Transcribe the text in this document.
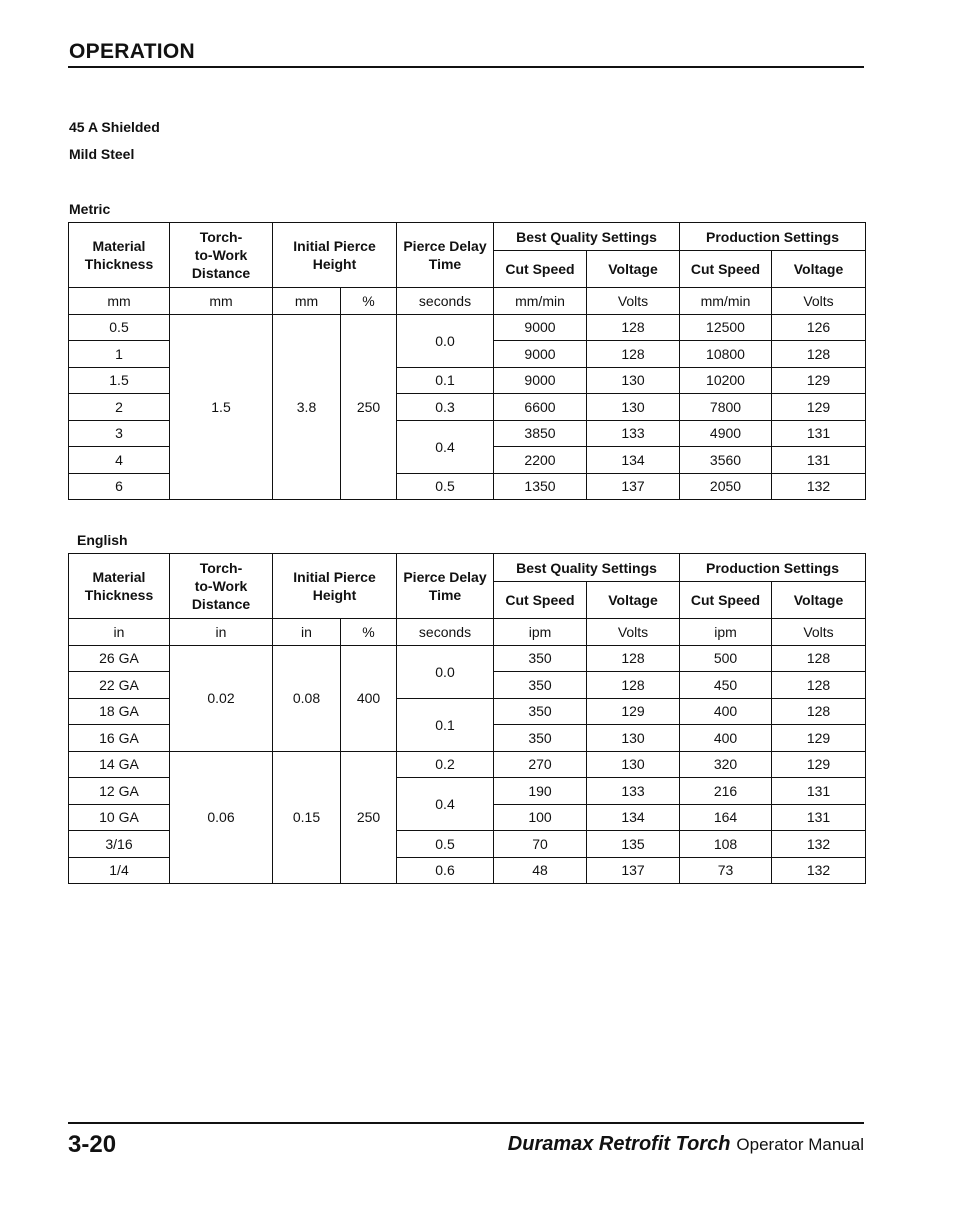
OPERATION
45 A Shielded
Mild Steel
Metric
Material Thickness	Torch-
to-Work
Distance	Initial Pierce Height		Pierce Delay Time	Best Quality Settings		Production Settings	
					Cut Speed	Voltage	Cut Speed	Voltage
mm	mm	mm	%	seconds	mm/min	Volts	mm/min	Volts
0.5	1.5	3.8	250	0.0	9000	128	12500	126
1					9000	128	10800	128
1.5				0.1	9000	130	10200	129
2				0.3	6600	130	7800	129
3				0.4	3850	133	4900	131
4					2200	134	3560	131
6				0.5	1350	137	2050	132
English
Material Thickness	Torch-
to-Work
Distance	Initial Pierce Height		Pierce Delay Time	Best Quality Settings		Production Settings	
					Cut Speed	Voltage	Cut Speed	Voltage
in	in	in	%	seconds	ipm	Volts	ipm	Volts
26 GA	0.02	0.08	400	0.0	350	128	500	128
22 GA					350	128	450	128
18 GA				0.1	350	129	400	128
16 GA					350	130	400	129
14 GA	0.06	0.15	250	0.2	270	130	320	129
12 GA				0.4	190	133	216	131
10 GA					100	134	164	131
3/16				0.5	70	135	108	132
1/4				0.6	48	137	73	132
3-20	Duramax Retrofit Torch Operator Manual
